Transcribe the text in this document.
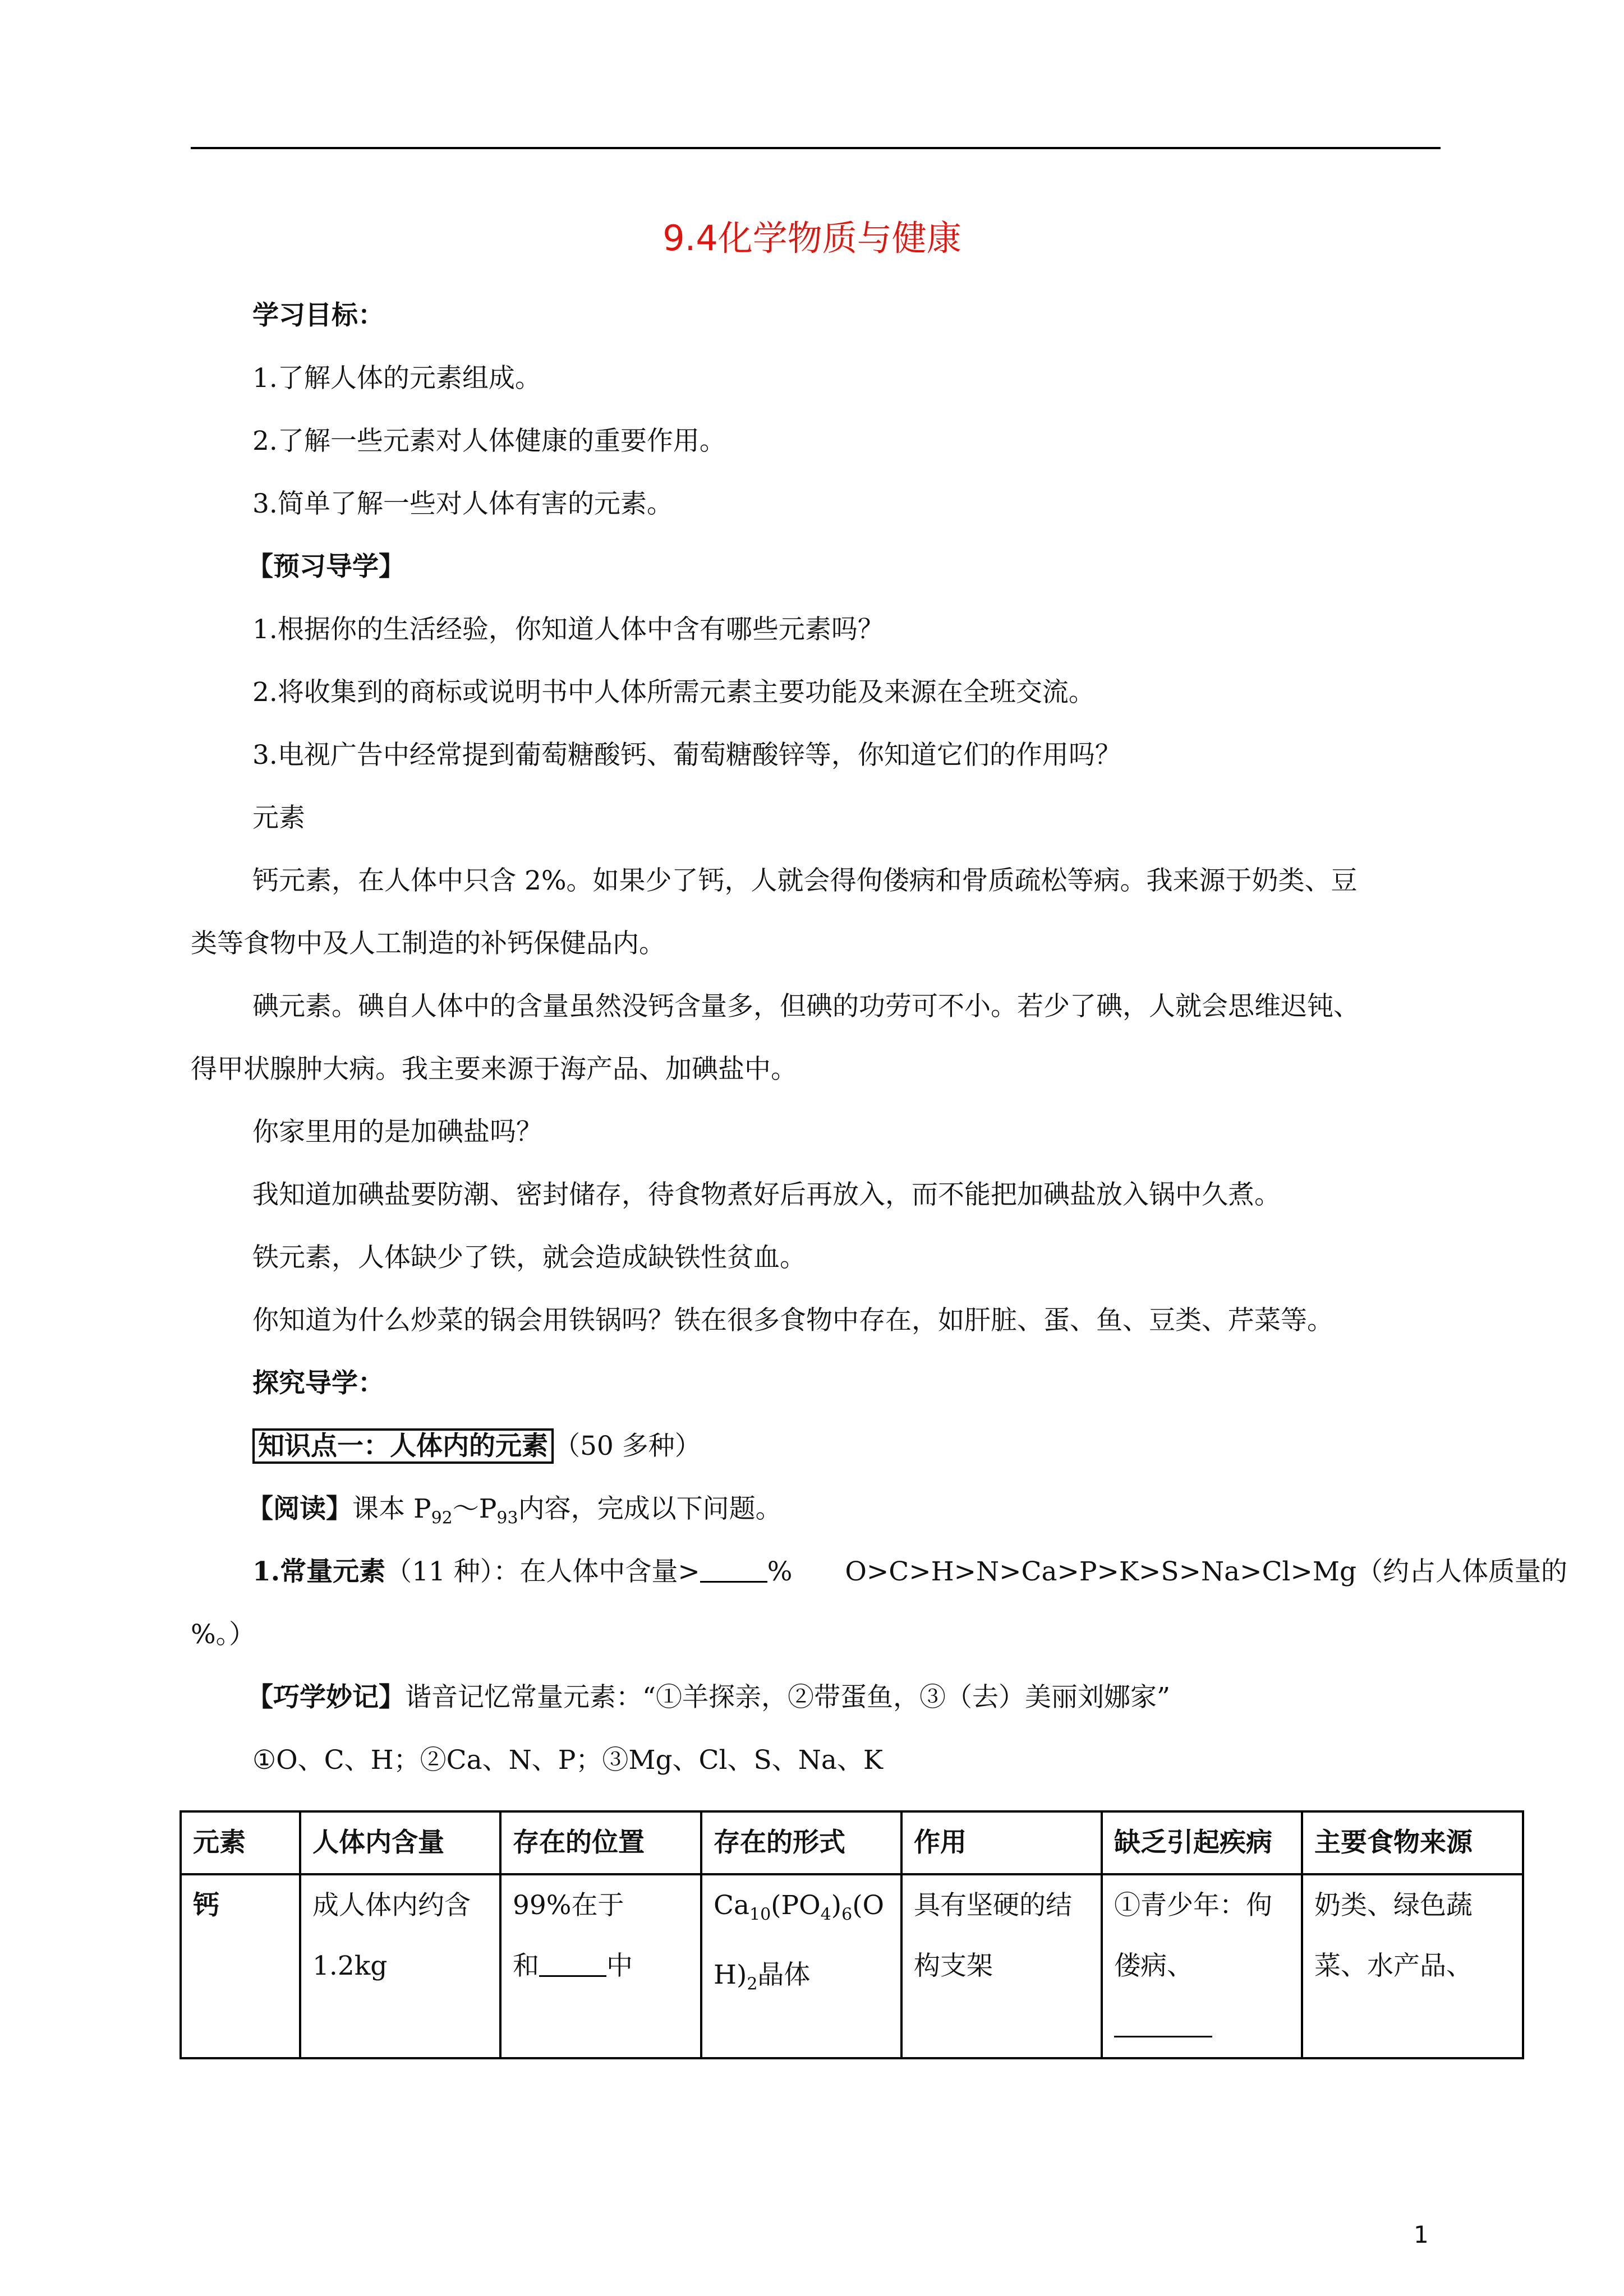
9.4化学物质与健康
学习目标：
1.了解人体的元素组成。
2.了解一些元素对人体健康的重要作用。
3.简单了解一些对人体有害的元素。
【预习导学】
1.根据你的生活经验，你知道人体中含有哪些元素吗？
2.将收集到的商标或说明书中人体所需元素主要功能及来源在全班交流。
3.电视广告中经常提到葡萄糖酸钙、葡萄糖酸锌等，你知道它们的作用吗？
元素
钙元素，在人体中只含 2%。如果少了钙，人就会得佝偻病和骨质疏松等病。我来源于奶类、豆
类等食物中及人工制造的补钙保健品内。
碘元素。碘自人体中的含量虽然没钙含量多，但碘的功劳可不小。若少了碘，人就会思维迟钝、
得甲状腺肿大病。我主要来源于海产品、加碘盐中。
你家里用的是加碘盐吗？
我知道加碘盐要防潮、密封储存，待食物煮好后再放入，而不能把加碘盐放入锅中久煮。
铁元素，人体缺少了铁，就会造成缺铁性贫血。
你知道为什么炒菜的锅会用铁锅吗？铁在很多食物中存在，如肝脏、蛋、鱼、豆类、芹菜等。
探究导学：
知识点一：人体内的元素 （50 多种）
【阅读】课本 $P_{92}\sim P_{93}$内容，完成以下问题。
1.常量元素（11 种）：在人体中含量>	%　　O>C>H>N>Ca>P>K>S>Na>Cl>Mg（约占人体质量的
%。）
【巧学妙记】谐音记忆常量元素：“①羊探亲，②带蛋鱼，③（去）美丽刘娜家”
①O、C、H；②Ca、N、P；③Mg、Cl、S、Na、K
元素	人体内含量	存在的位置	存在的形式	作用	缺乏引起疾病	主要食物来源
钙	成人体内约含 1.2kg	99%在于
和 中	$Ca_{10}(PO_4)_6(OH)_2$晶体	具有坚硬的结构支架	①青少年：佝偻病、	奶类、绿色蔬菜、水产品、
1
